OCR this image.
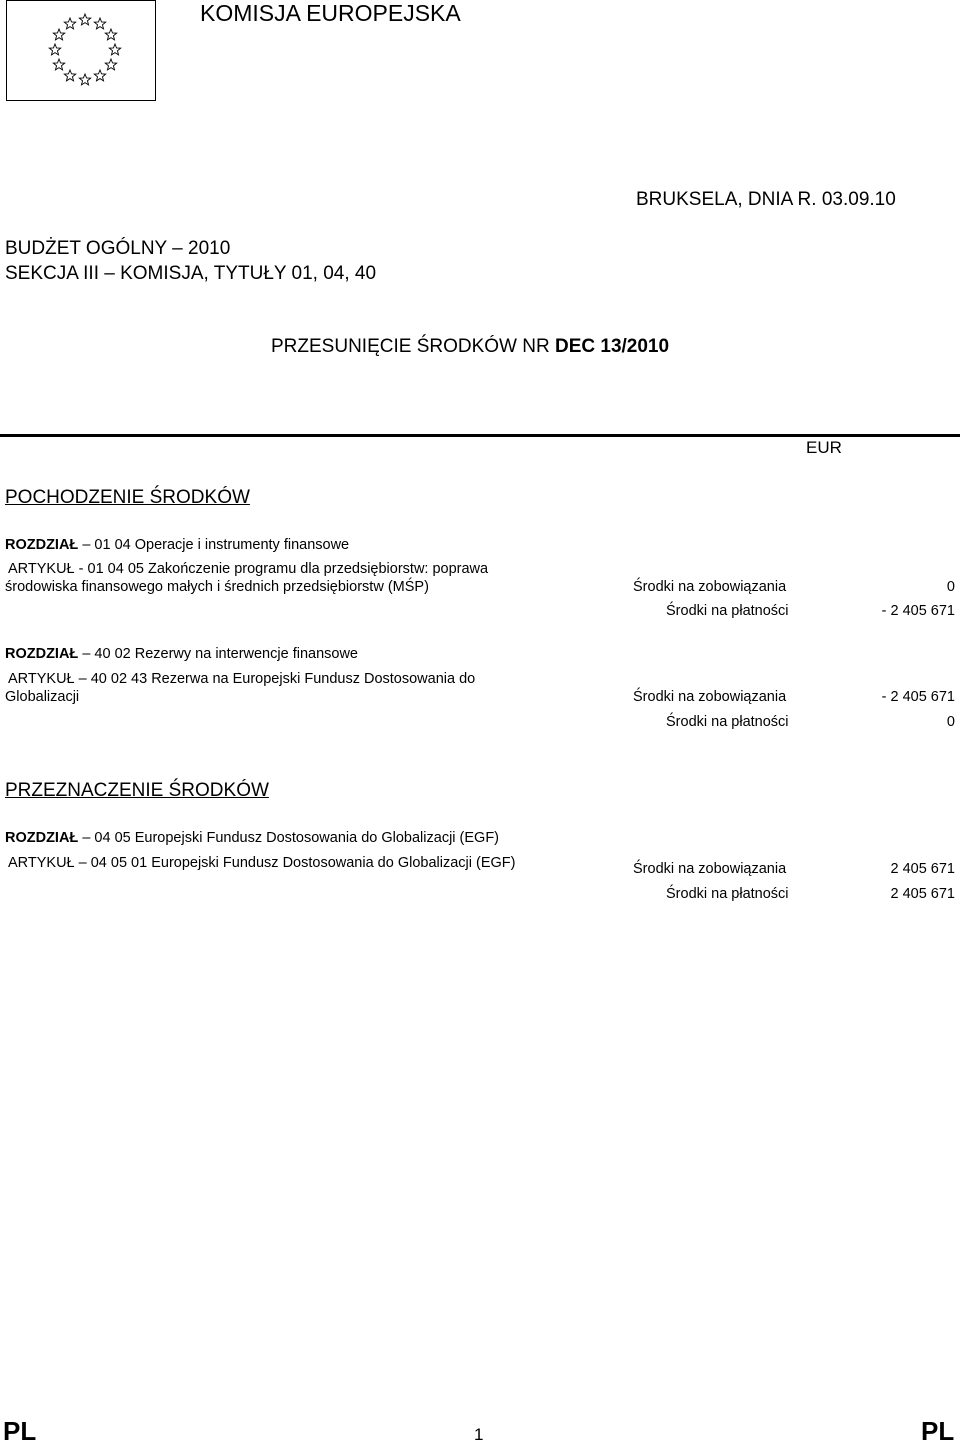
KOMISJA EUROPEJSKA
BRUKSELA, DNIA R. 03.09.10
BUDŻET OGÓLNY – 2010
SEKCJA III – KOMISJA, TYTUŁY 01, 04, 40
PRZESUNIĘCIE ŚRODKÓW NR DEC 13/2010
EUR
POCHODZENIE ŚRODKÓW
ROZDZIAŁ – 01 04 Operacje i instrumenty finansowe
ARTYKUŁ - 01 04 05 Zakończenie programu dla przedsiębiorstw: poprawa
środowiska finansowego małych i średnich przedsiębiorstw (MŚP)	Środki na zobowiązania	0
Środki na płatności	- 2 405 671
ROZDZIAŁ – 40 02 Rezerwy na interwencje finansowe
ARTYKUŁ – 40 02 43 Rezerwa na Europejski Fundusz Dostosowania do
Globalizacji	Środki na zobowiązania	- 2 405 671
Środki na płatności	0
PRZEZNACZENIE ŚRODKÓW
ROZDZIAŁ – 04 05 Europejski Fundusz Dostosowania do Globalizacji (EGF)
ARTYKUŁ – 04 05 01 Europejski Fundusz Dostosowania do Globalizacji (EGF)	Środki na zobowiązania	2 405 671
Środki na płatności	2 405 671
PL	1	PL
